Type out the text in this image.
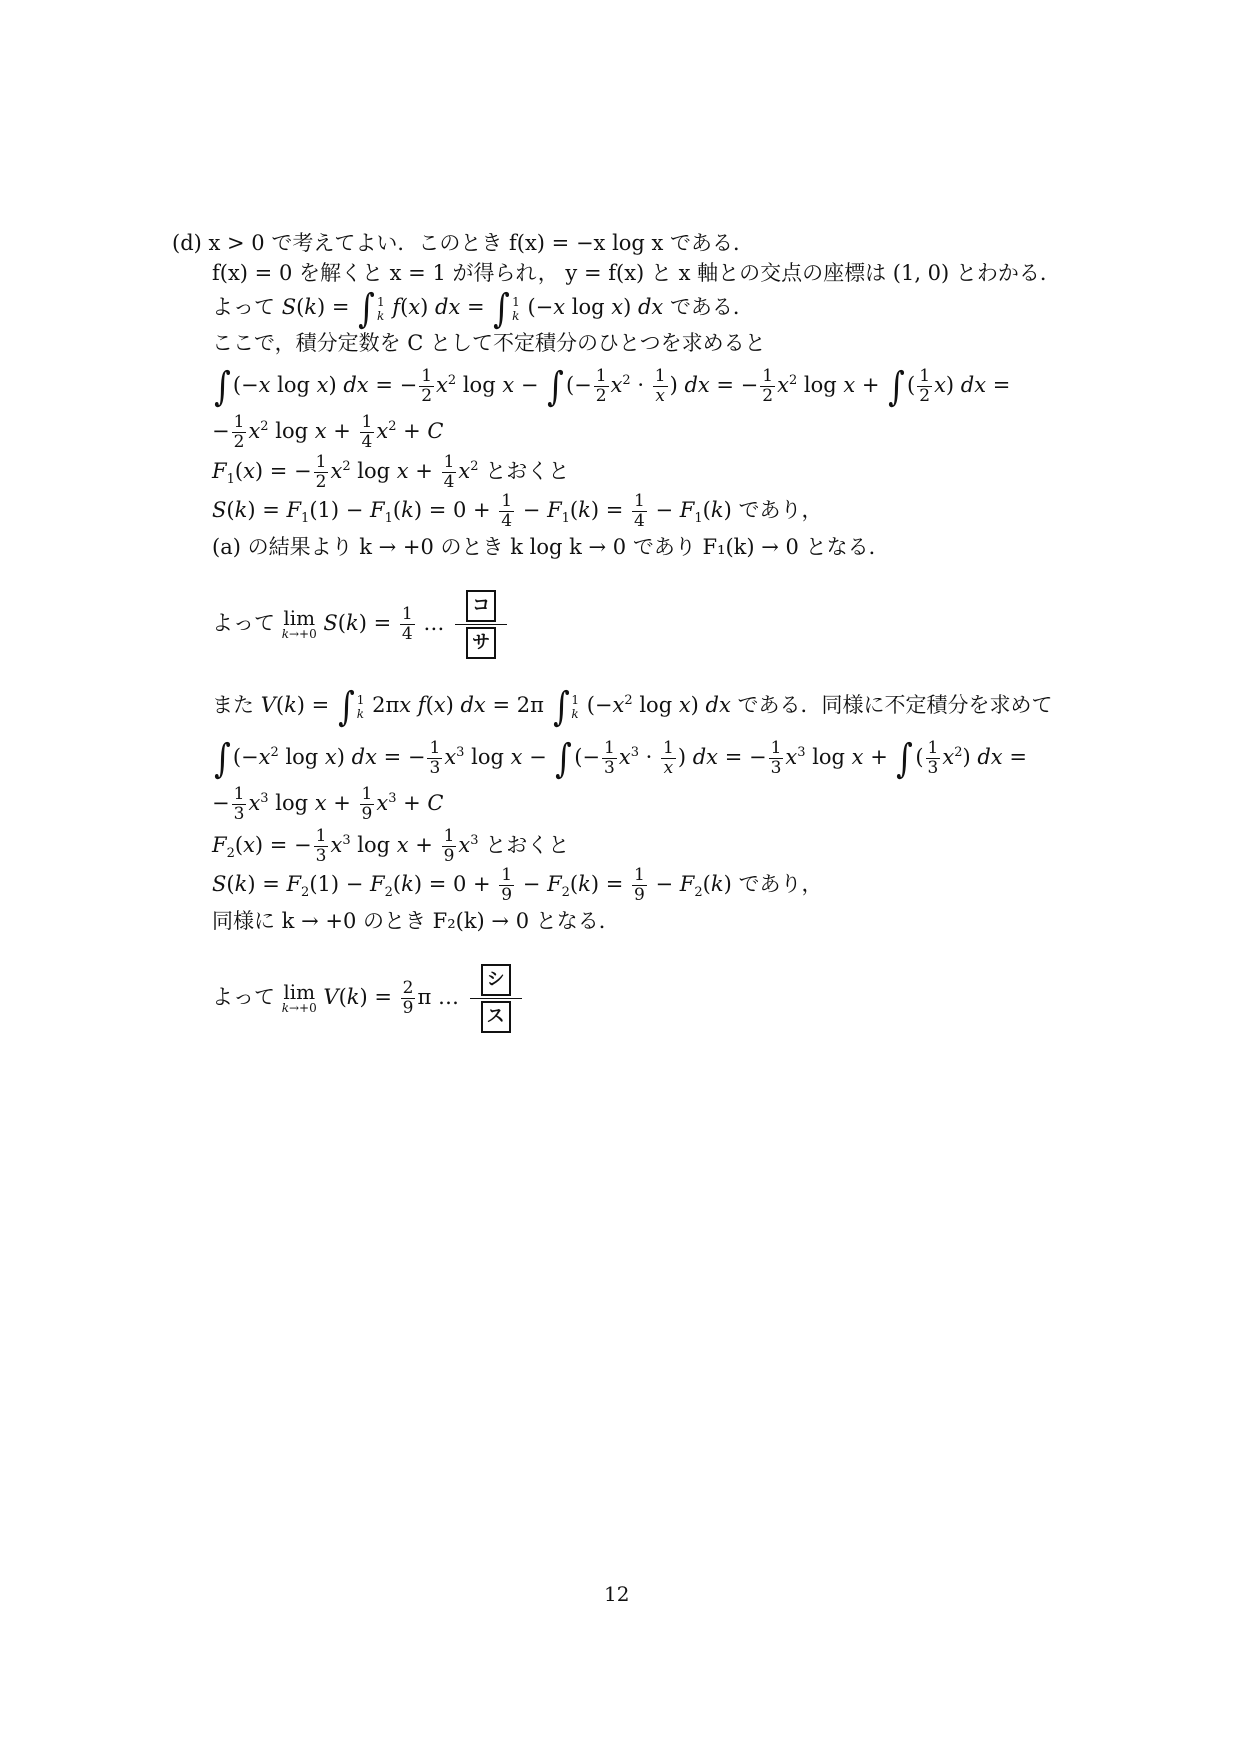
(d) x > 0 で考えてよい．このとき f(x) = −x log x である．
f(x) = 0 を解くと x = 1 が得られ， y = f(x) と x 軸との交点の座標は (1, 0) とわかる．
よって S(k) = ∫ 1
k f(x) dx = ∫ 1
k (−x log x) dx である．
ここで，積分定数を C として不定積分のひとつを求めると
∫(−x log x) dx = − $\frac{1}{2} x^2$ log x − ∫(− $\frac{1}{2} x^2 \cdot \frac{1}{x}$ ) dx = − $\frac{1}{2} x^2$ log x + ∫( $\frac{1}{2} x$) dx =
− $\frac{1}{2} x^2$ $\log x + \frac{1}{4} x^2 + C$
$F_1(x)$ = − $\frac{1}{2} x^2$ $\log x + \frac{1}{4} x^2$ とおくと
$S(k) = F_1(1) - F_1(k) = 0 + \frac{1}{4} - F_1(k) = \frac{1}{4} - F_1(k)$ であり，
(a) の結果より k → +0 のとき k log k → 0 であり F₁(k) → 0 となる．
よって lim
k→+0 $S(k) = \frac{1}{4}$ …
コ
サ
また V(k) = ∫ 1
k 2πx f(x) dx = 2π ∫ 1
k ($-x^2$ log x) dx である．同様に不定積分を求めて
$\int(-x^2$ log x) dx = − $\frac{1}{3} x^3$ log x − ∫(− $\frac{1}{3} x^3 \cdot \frac{1}{x}$ ) dx = − $\frac{1}{3} x^3$ log x + ∫( $\frac{1}{3} x^2$) dx =
− $\frac{1}{3} x^3$ $\log x + \frac{1}{9} x^3 + C$
$F_2(x)$ = − $\frac{1}{3} x^3$ $\log x + \frac{1}{9} x^3$ とおくと
$S(k) = F_2(1) - F_2(k) = 0 + \frac{1}{9} - F_2(k) = \frac{1}{9} - F_2(k)$ であり，
同様に k → +0 のとき F₂(k) → 0 となる．
よって lim
k→+0 $V(k) = \frac{2}{9}$ π …
シ
ス
12
